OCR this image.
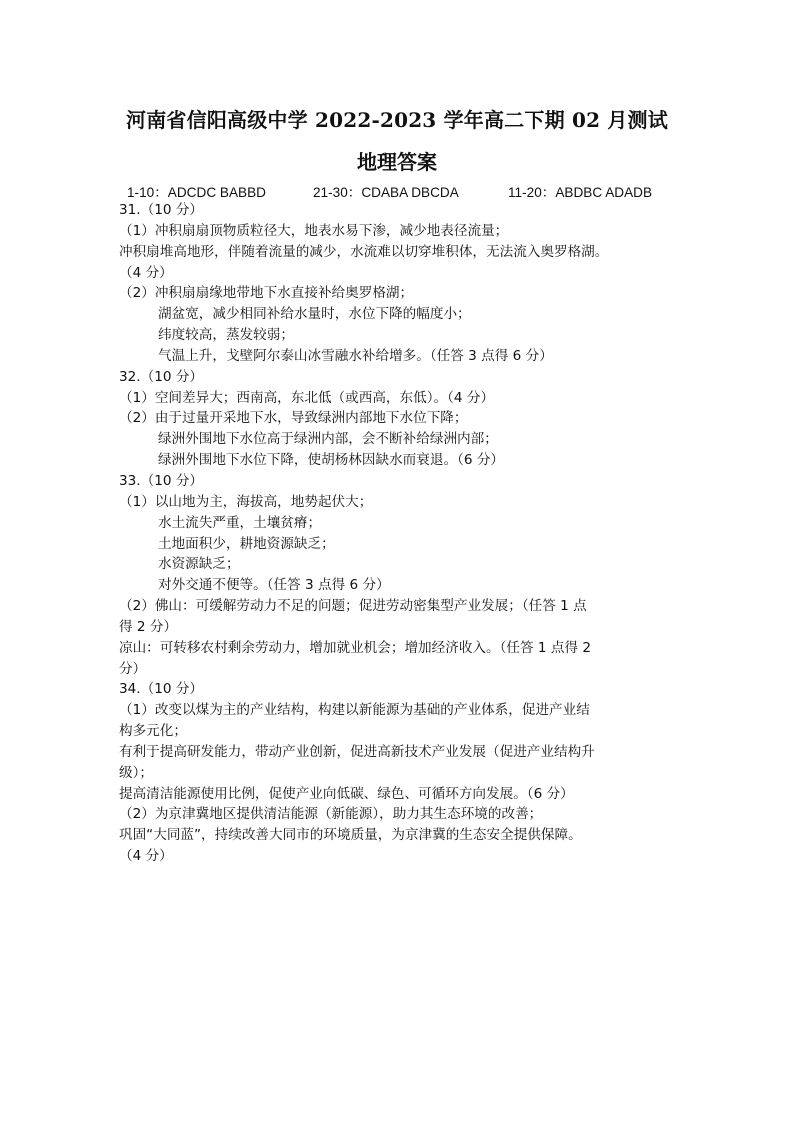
河南省信阳高级中学 2022-2023 学年高二下期 02 月测试
地理答案
1-10：ADCDC BABBD	21-30：CDABA DBCDA	11-20：ABDBC ADADB
31.（10 分）
（1）冲积扇扇顶物质粒径大，地表水易下渗，减少地表径流量；
冲积扇堆高地形，伴随着流量的减少，水流难以切穿堆积体，无法流入奥罗格湖。
（4 分）
（2）冲积扇扇缘地带地下水直接补给奥罗格湖；
湖盆宽，减少相同补给水量时，水位下降的幅度小；
纬度较高，蒸发较弱；
气温上升，戈壁阿尔泰山冰雪融水补给增多。（任答 3 点得 6 分）
32.（10 分）
（1）空间差异大；西南高，东北低（或西高，东低）。（4 分）
（2）由于过量开采地下水，导致绿洲内部地下水位下降；
绿洲外围地下水位高于绿洲内部，会不断补给绿洲内部；
绿洲外围地下水位下降，使胡杨林因缺水而衰退。（6 分）
33.（10 分）
（1）以山地为主，海拔高，地势起伏大；
水土流失严重，土壤贫瘠；
土地面积少，耕地资源缺乏；
水资源缺乏；
对外交通不便等。（任答 3 点得 6 分）
（2）佛山：可缓解劳动力不足的问题；促进劳动密集型产业发展；（任答 1 点
得 2 分）
凉山：可转移农村剩余劳动力，增加就业机会；增加经济收入。（任答 1 点得 2
分）
34.（10 分）
（1）改变以煤为主的产业结构，构建以新能源为基础的产业体系，促进产业结
构多元化；
有利于提高研发能力，带动产业创新，促进高新技术产业发展（促进产业结构升
级）；
提高清洁能源使用比例，促使产业向低碳、绿色、可循环方向发展。（6 分）
（2）为京津冀地区提供清洁能源（新能源），助力其生态环境的改善；
巩固“大同蓝”，持续改善大同市的环境质量，为京津冀的生态安全提供保障。
（4 分）
